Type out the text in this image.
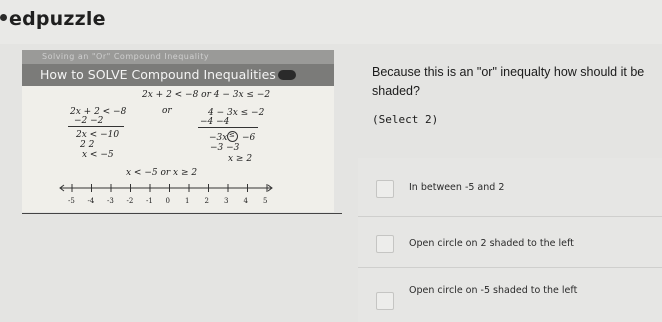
edpuzzle
Solving an "Or" Compound Inequality
How to SOLVE Compound Inequalities
2x + 2 < −8 or 4 − 3x ≤ −2
2x + 2 < −8
−2 −2
2x < −10
2 2
x < −5
or	4 − 3x ≤ −2
−4 −4
−3x ≤ −6
−3 −3
x ≥ 2
x < −5 or x ≥ 2
-5 -4 -3 -2 -1 0 1 2 3 4 5
Because this is an "or" inequalty how should it be shaded?
(Select 2)
In between -5 and 2
Open circle on 2 shaded to the left
Open circle on -5 shaded to the left
